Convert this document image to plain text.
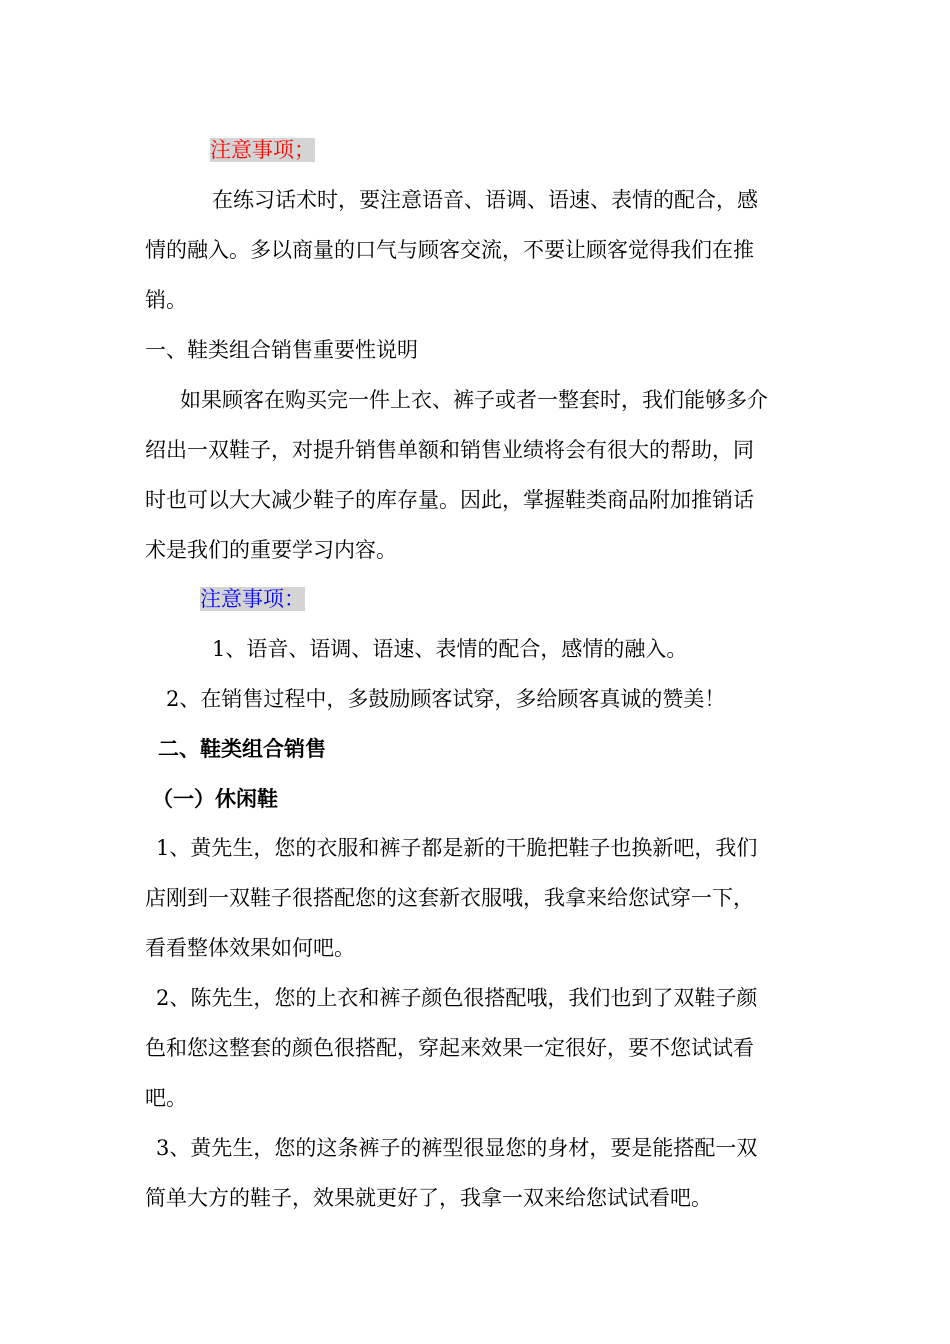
注意事项；
在练习话术时，要注意语音、语调、语速、表情的配合，感
情的融入。多以商量的口气与顾客交流，不要让顾客觉得我们在推
销。
一、鞋类组合销售重要性说明
如果顾客在购买完一件上衣、裤子或者一整套时，我们能够多介
绍出一双鞋子，对提升销售单额和销售业绩将会有很大的帮助，同
时也可以大大减少鞋子的库存量。因此，掌握鞋类商品附加推销话
术是我们的重要学习内容。
注意事项：
1、语音、语调、语速、表情的配合，感情的融入。
2、在销售过程中，多鼓励顾客试穿，多给顾客真诚的赞美！
二、鞋类组合销售
（一）休闲鞋
1、黄先生，您的衣服和裤子都是新的干脆把鞋子也换新吧，我们
店刚到一双鞋子很搭配您的这套新衣服哦，我拿来给您试穿一下，
看看整体效果如何吧。
2、陈先生，您的上衣和裤子颜色很搭配哦，我们也到了双鞋子颜
色和您这整套的颜色很搭配，穿起来效果一定很好，要不您试试看
吧。
3、黄先生，您的这条裤子的裤型很显您的身材，要是能搭配一双
简单大方的鞋子，效果就更好了，我拿一双来给您试试看吧。
